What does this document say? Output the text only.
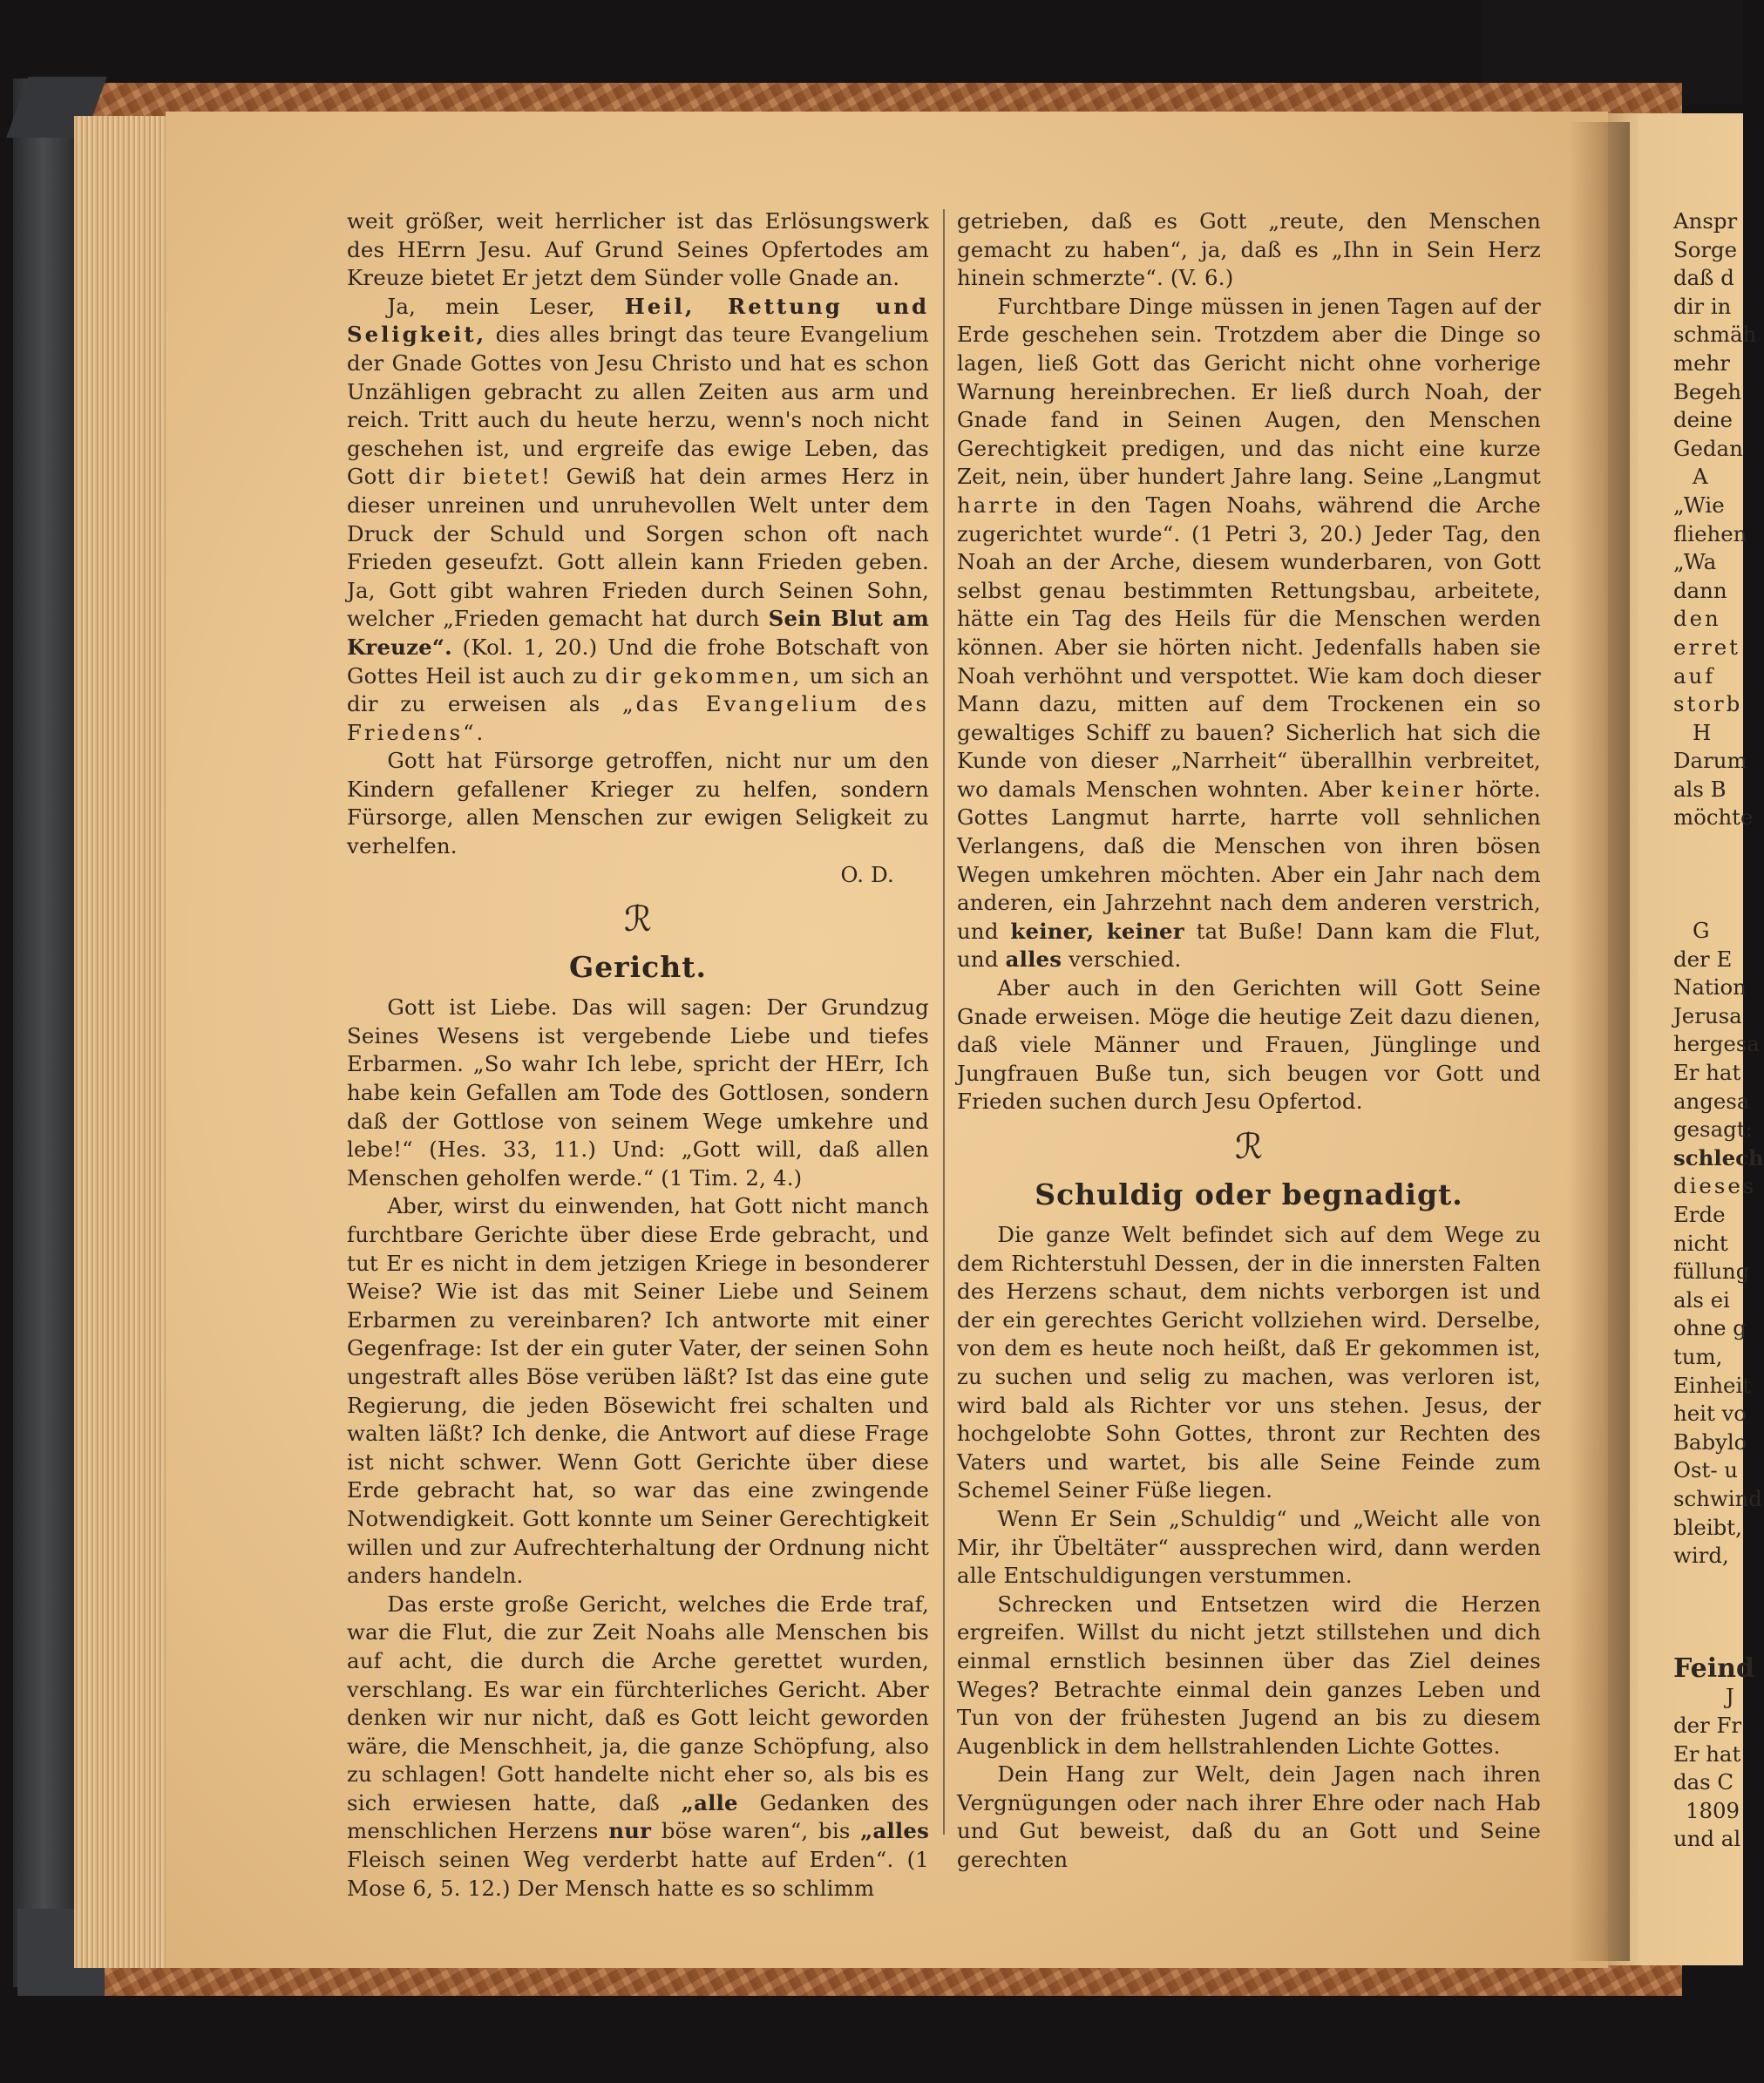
weit größer, weit herrlicher ist das Erlösungswerk des HErrn Jesu. Auf Grund Seines Opfertodes am Kreuze bietet Er jetzt dem Sünder volle Gnade an.

Ja, mein Leser, Heil, Rettung und Seligkeit, dies alles bringt das teure Evangelium der Gnade Gottes von Jesu Christo und hat es schon Unzähligen gebracht zu allen Zeiten aus arm und reich. Tritt auch du heute herzu, wenn's noch nicht geschehen ist, und ergreife das ewige Leben, das Gott dir bietet! Gewiß hat dein armes Herz in dieser unreinen und unruhevollen Welt unter dem Druck der Schuld und Sorgen schon oft nach Frieden geseufzt. Gott allein kann Frieden geben. Ja, Gott gibt wahren Frieden durch Seinen Sohn, welcher „Frieden gemacht hat durch Sein Blut am Kreuze“. (Kol. 1, 20.) Und die frohe Botschaft von Gottes Heil ist auch zu dir gekommen, um sich an dir zu erweisen als „das Evangelium des Friedens“.

Gott hat Fürsorge getroffen, nicht nur um den Kindern gefallener Krieger zu helfen, sondern Fürsorge, allen Menschen zur ewigen Seligkeit zu verhelfen.

O. D.
ℛ
Gericht.

Gott ist Liebe. Das will sagen: Der Grundzug Seines Wesens ist vergebende Liebe und tiefes Erbarmen. „So wahr Ich lebe, spricht der HErr, Ich habe kein Gefallen am Tode des Gottlosen, sondern daß der Gottlose von seinem Wege umkehre und lebe!“ (Hes. 33, 11.) Und: „Gott will, daß allen Menschen geholfen werde.“ (1 Tim. 2, 4.)

Aber, wirst du einwenden, hat Gott nicht manch furchtbare Gerichte über diese Erde gebracht, und tut Er es nicht in dem jetzigen Kriege in besonderer Weise? Wie ist das mit Seiner Liebe und Seinem Erbarmen zu vereinbaren? Ich antworte mit einer Gegenfrage: Ist der ein guter Vater, der seinen Sohn ungestraft alles Böse verüben läßt? Ist das eine gute Regierung, die jeden Bösewicht frei schalten und walten läßt? Ich denke, die Antwort auf diese Frage ist nicht schwer. Wenn Gott Gerichte über diese Erde gebracht hat, so war das eine zwingende Notwendigkeit. Gott konnte um Seiner Gerechtigkeit willen und zur Aufrechterhaltung der Ordnung nicht anders handeln.

Das erste große Gericht, welches die Erde traf, war die Flut, die zur Zeit Noahs alle Menschen bis auf acht, die durch die Arche gerettet wurden, verschlang. Es war ein fürchterliches Gericht. Aber denken wir nur nicht, daß es Gott leicht geworden wäre, die Menschheit, ja, die ganze Schöpfung, also zu schlagen! Gott handelte nicht eher so, als bis es sich erwiesen hatte, daß „alle Gedanken des menschlichen Herzens nur böse waren“, bis „alles Fleisch seinen Weg verderbt hatte auf Erden“. (1 Mose 6, 5. 12.) Der Mensch hatte es so schlimm

getrieben, daß es Gott „reute, den Menschen gemacht zu haben“, ja, daß es „Ihn in Sein Herz hinein schmerzte“. (V. 6.)

Furchtbare Dinge müssen in jenen Tagen auf der Erde geschehen sein. Trotzdem aber die Dinge so lagen, ließ Gott das Gericht nicht ohne vorherige Warnung hereinbrechen. Er ließ durch Noah, der Gnade fand in Seinen Augen, den Menschen Gerechtigkeit predigen, und das nicht eine kurze Zeit, nein, über hundert Jahre lang. Seine „Langmut harrte in den Tagen Noahs, während die Arche zugerichtet wurde“. (1 Petri 3, 20.) Jeder Tag, den Noah an der Arche, diesem wunderbaren, von Gott selbst genau bestimmten Rettungsbau, arbeitete, hätte ein Tag des Heils für die Menschen werden können. Aber sie hörten nicht. Jedenfalls haben sie Noah verhöhnt und verspottet. Wie kam doch dieser Mann dazu, mitten auf dem Trockenen ein so gewaltiges Schiff zu bauen? Sicherlich hat sich die Kunde von dieser „Narrheit“ überallhin verbreitet, wo damals Menschen wohnten. Aber keiner hörte. Gottes Langmut harrte, harrte voll sehnlichen Verlangens, daß die Menschen von ihren bösen Wegen umkehren möchten. Aber ein Jahr nach dem anderen, ein Jahrzehnt nach dem anderen verstrich, und keiner, keiner tat Buße! Dann kam die Flut, und alles verschied.

Aber auch in den Gerichten will Gott Seine Gnade erweisen. Möge die heutige Zeit dazu dienen, daß viele Männer und Frauen, Jünglinge und Jungfrauen Buße tun, sich beugen vor Gott und Frieden suchen durch Jesu Opfertod.

ℛ
Schuldig oder begnadigt.

Die ganze Welt befindet sich auf dem Wege zu dem Richterstuhl Dessen, der in die innersten Falten des Herzens schaut, dem nichts verborgen ist und der ein gerechtes Gericht vollziehen wird. Derselbe, von dem es heute noch heißt, daß Er gekommen ist, zu suchen und selig zu machen, was verloren ist, wird bald als Richter vor uns stehen. Jesus, der hochgelobte Sohn Gottes, thront zur Rechten des Vaters und wartet, bis alle Seine Feinde zum Schemel Seiner Füße liegen.

Wenn Er Sein „Schuldig“ und „Weicht alle von Mir, ihr Übeltäter“ aussprechen wird, dann werden alle Entschuldigungen verstummen.

Schrecken und Entsetzen wird die Herzen ergreifen. Willst du nicht jetzt stillstehen und dich einmal ernstlich besinnen über das Ziel deines Weges? Betrachte einmal dein ganzes Leben und Tun von der frühesten Jugend an bis zu diesem Augenblick in dem hellstrahlenden Lichte Gottes.

Dein Hang zur Welt, dein Jagen nach ihren Vergnügungen oder nach ihrer Ehre oder nach Hab und Gut beweist, daß du an Gott und Seine gerechten

Anspr
Sorge
daß d
dir in
schmäh
mehr
Begeh
deine
Gedan
A
„Wie
fliehen
„Wa
dann
den
erret
auf
storb
H
Darum
als B
möchte
G
der E
Nation
Jerusa
hergesa
Er hat
angesa
gesagt:
schlech
dieses
Erde
nicht
füllung
als ei
ohne g
tum,
Einheit
heit vo
Babylo
Ost- u
schwind
bleibt,
wird,
Feind
J
der Fr
Er hat
das C
1809
und al
